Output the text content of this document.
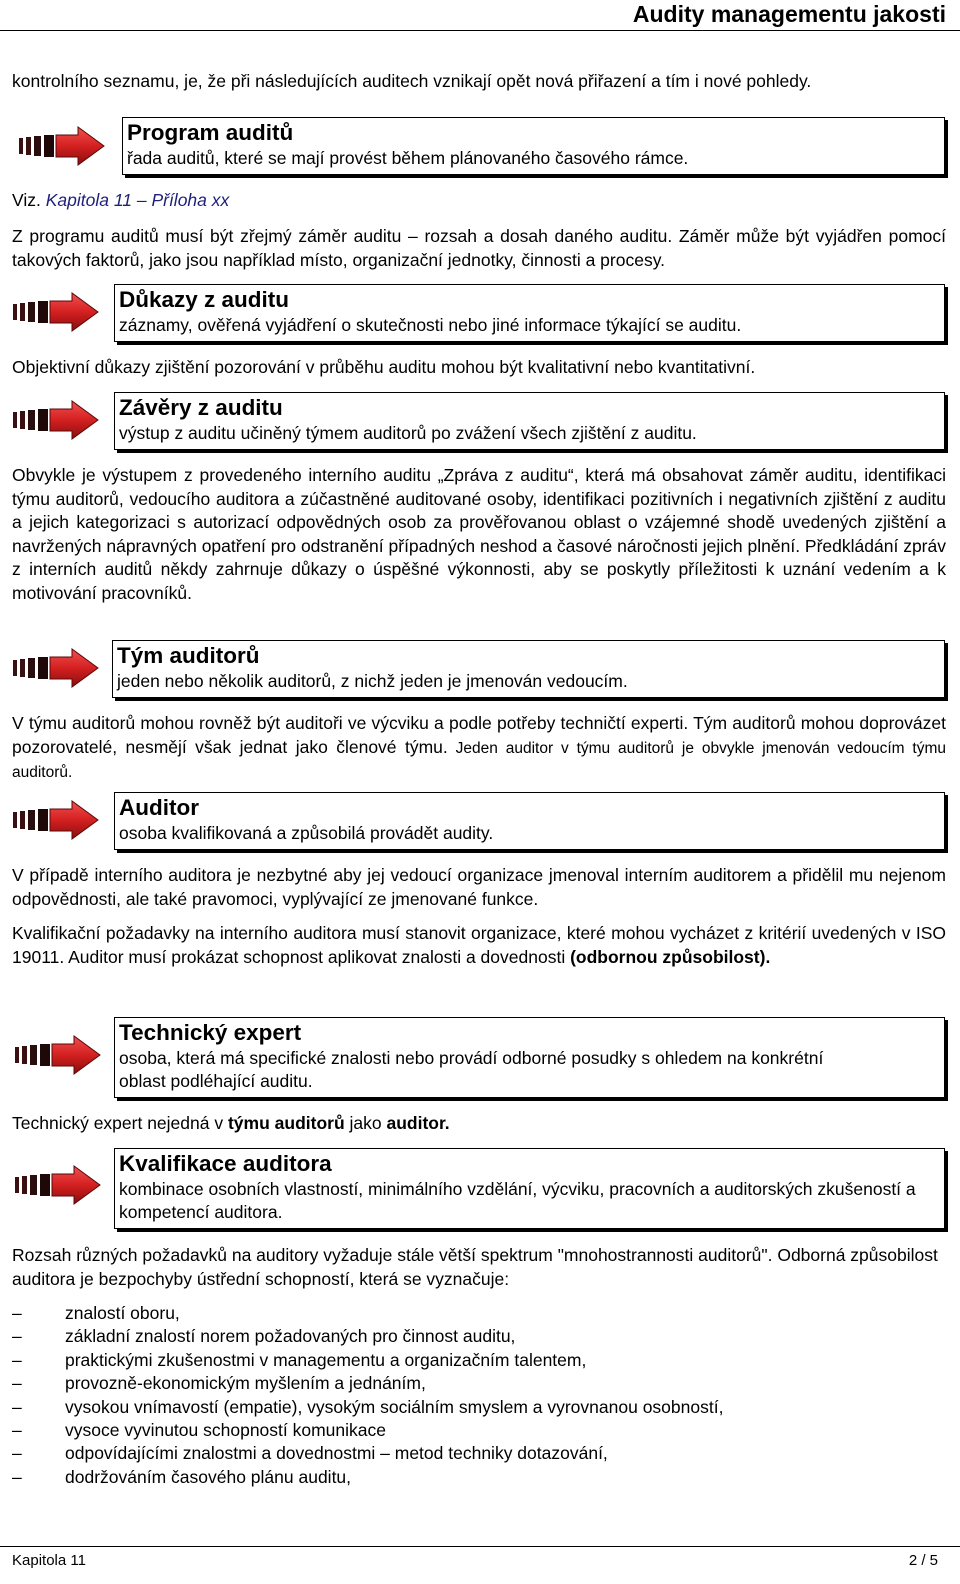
Audity managementu jakosti

kontrolního seznamu, je, že při následujících auditech vznikají opět nová přiřazení a tím i nové pohledy.

Program auditů
řada auditů, které se mají provést během plánovaného časového rámce.

Viz. Kapitola 11 – Příloha xx

Z programu auditů musí být zřejmý záměr auditu – rozsah a dosah daného auditu. Záměr může být vyjádřen pomocí takových faktorů, jako jsou například místo, organizační jednotky, činnosti a procesy.

Důkazy z auditu
záznamy, ověřená vyjádření o skutečnosti nebo jiné informace týkající se auditu.

Objektivní důkazy zjištění pozorování v průběhu auditu mohou být kvalitativní nebo kvantitativní.

Závěry z auditu
výstup z auditu učiněný týmem auditorů po zvážení všech zjištění z auditu.

Obvykle je výstupem z provedeného interního auditu „Zpráva z auditu“, která má obsahovat záměr auditu, identifikaci týmu auditorů, vedoucího auditora a zúčastněné auditované osoby, identifikaci pozitivních i negativních zjištění z auditu a jejich kategorizaci s autorizací odpovědných osob za prověřovanou oblast o vzájemné shodě uvedených zjištění a navržených nápravných opatření pro odstranění případných neshod a časové náročnosti jejich plnění. Předkládání zpráv z interních auditů někdy zahrnuje důkazy o úspěšné výkonnosti, aby se poskytly příležitosti k uznání vedením a k motivování pracovníků.

Tým auditorů
jeden nebo několik auditorů, z nichž jeden je jmenován vedoucím.

V týmu auditorů mohou rovněž být auditoři ve výcviku a podle potřeby techničtí experti. Tým auditorů mohou doprovázet pozorovatelé, nesmějí však jednat jako členové týmu. Jeden auditor v týmu auditorů je obvykle jmenován vedoucím týmu auditorů.

Auditor
osoba kvalifikovaná a způsobilá provádět audity.

V případě interního auditora je nezbytné aby jej vedoucí organizace jmenoval interním auditorem a přidělil mu nejenom odpovědnosti, ale také pravomoci, vyplývající ze jmenované funkce.

Kvalifikační požadavky na interního auditora musí stanovit organizace, které mohou vycházet z kritérií uvedených v ISO 19011. Auditor musí prokázat schopnost aplikovat znalosti a dovednosti (odbornou způsobilost).

Technický expert
osoba, která má specifické znalosti nebo provádí odborné posudky s ohledem na konkrétní oblast podléhající auditu.

Technický expert nejedná v týmu auditorů jako auditor.

Kvalifikace auditora
kombinace osobních vlastností, minimálního vzdělání, výcviku, pracovních a auditorských zkušeností a kompetencí auditora.

Rozsah různých požadavků na auditory vyžaduje stále větší spektrum "mnohostrannosti auditorů". Odborná způsobilost auditora je bezpochyby ústřední schopností, která se vyznačuje:

– znalostí oboru,
– základní znalostí norem požadovaných pro činnost auditu,
– praktickými zkušenostmi v managementu a organizačním talentem,
– provozně-ekonomickým myšlením a jednáním,
– vysokou vnímavostí (empatie), vysokým sociálním smyslem a vyrovnanou osobností,
– vysoce vyvinutou schopností komunikace
– odpovídajícími znalostmi a dovednostmi – metod techniky dotazování,
– dodržováním časového plánu auditu,
Kapitola 11	2 / 5
